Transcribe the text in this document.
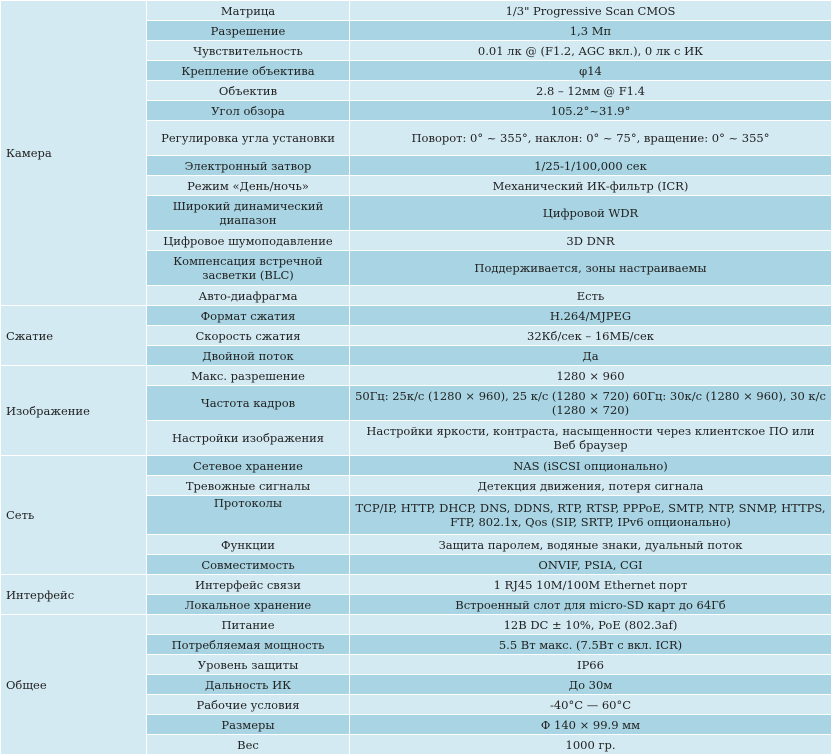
Камера	Матрица	1/3" Progressive Scan CMOS
	Разрешение	1,3 Мп
	Чувствительность	0.01 лк @ (F1.2, AGC вкл.), 0 лк с ИК
	Крепление объектива	φ14
	Объектив	2.8 – 12мм @ F1.4
	Угол обзора	105.2°~31.9°
	Регулировка угла установки	Поворот: 0° ~ 355°, наклон: 0° ~ 75°, вращение: 0° ~ 355°
	Электронный затвор	1/25-1/100,000 сек
	Режим «День/ночь»	Механический ИК-фильтр (ICR)
	Широкий динамический диапазон	Цифровой WDR
	Цифровое шумоподавление	3D DNR
	Компенсация встречной засветки (BLC)	Поддерживается, зоны настраиваемы
	Авто-диафрагма	Есть
Сжатие	Формат сжатия	H.264/MJPEG
	Скорость сжатия	32Кб/сек – 16МБ/сек
	Двойной поток	Да
Изображение	Макс. разрешение	1280 × 960
	Частота кадров	50Гц: 25к/с (1280 × 960), 25 к/с (1280 × 720) 60Гц: 30к/с (1280 × 960), 30 к/с (1280 × 720)
	Настройки изображения	Настройки яркости, контраста, насыщенности через клиентское ПО или Веб браузер
Сеть	Сетевое хранение	NAS (iSCSI опционально)
	Тревожные сигналы	Детекция движения, потеря сигнала
	Протоколы	TCP/IP, HTTP, DHCP, DNS, DDNS, RTP, RTSP, PPPoE, SMTP, NTP, SNMP, HTTPS, FTP, 802.1x, Qos (SIP, SRTP, IPv6 опционально)
	Функции	Защита паролем, водяные знаки, дуальный поток
	Совместимость	ONVIF, PSIA, CGI
Интерфейс	Интерфейс связи	1 RJ45 10M/100M Ethernet порт
	Локальное хранение	Встроенный слот для micro-SD карт до 64Гб
Общее	Питание	12В DC ± 10%, PoE (802.3af)
	Потребляемая мощность	5.5 Вт макс. (7.5Вт с вкл. ICR)
	Уровень защиты	IP66
	Дальность ИК	До 30м
	Рабочие условия	-40°C — 60°C
	Размеры	Φ 140 × 99.9 мм
	Вес	1000 гр.
